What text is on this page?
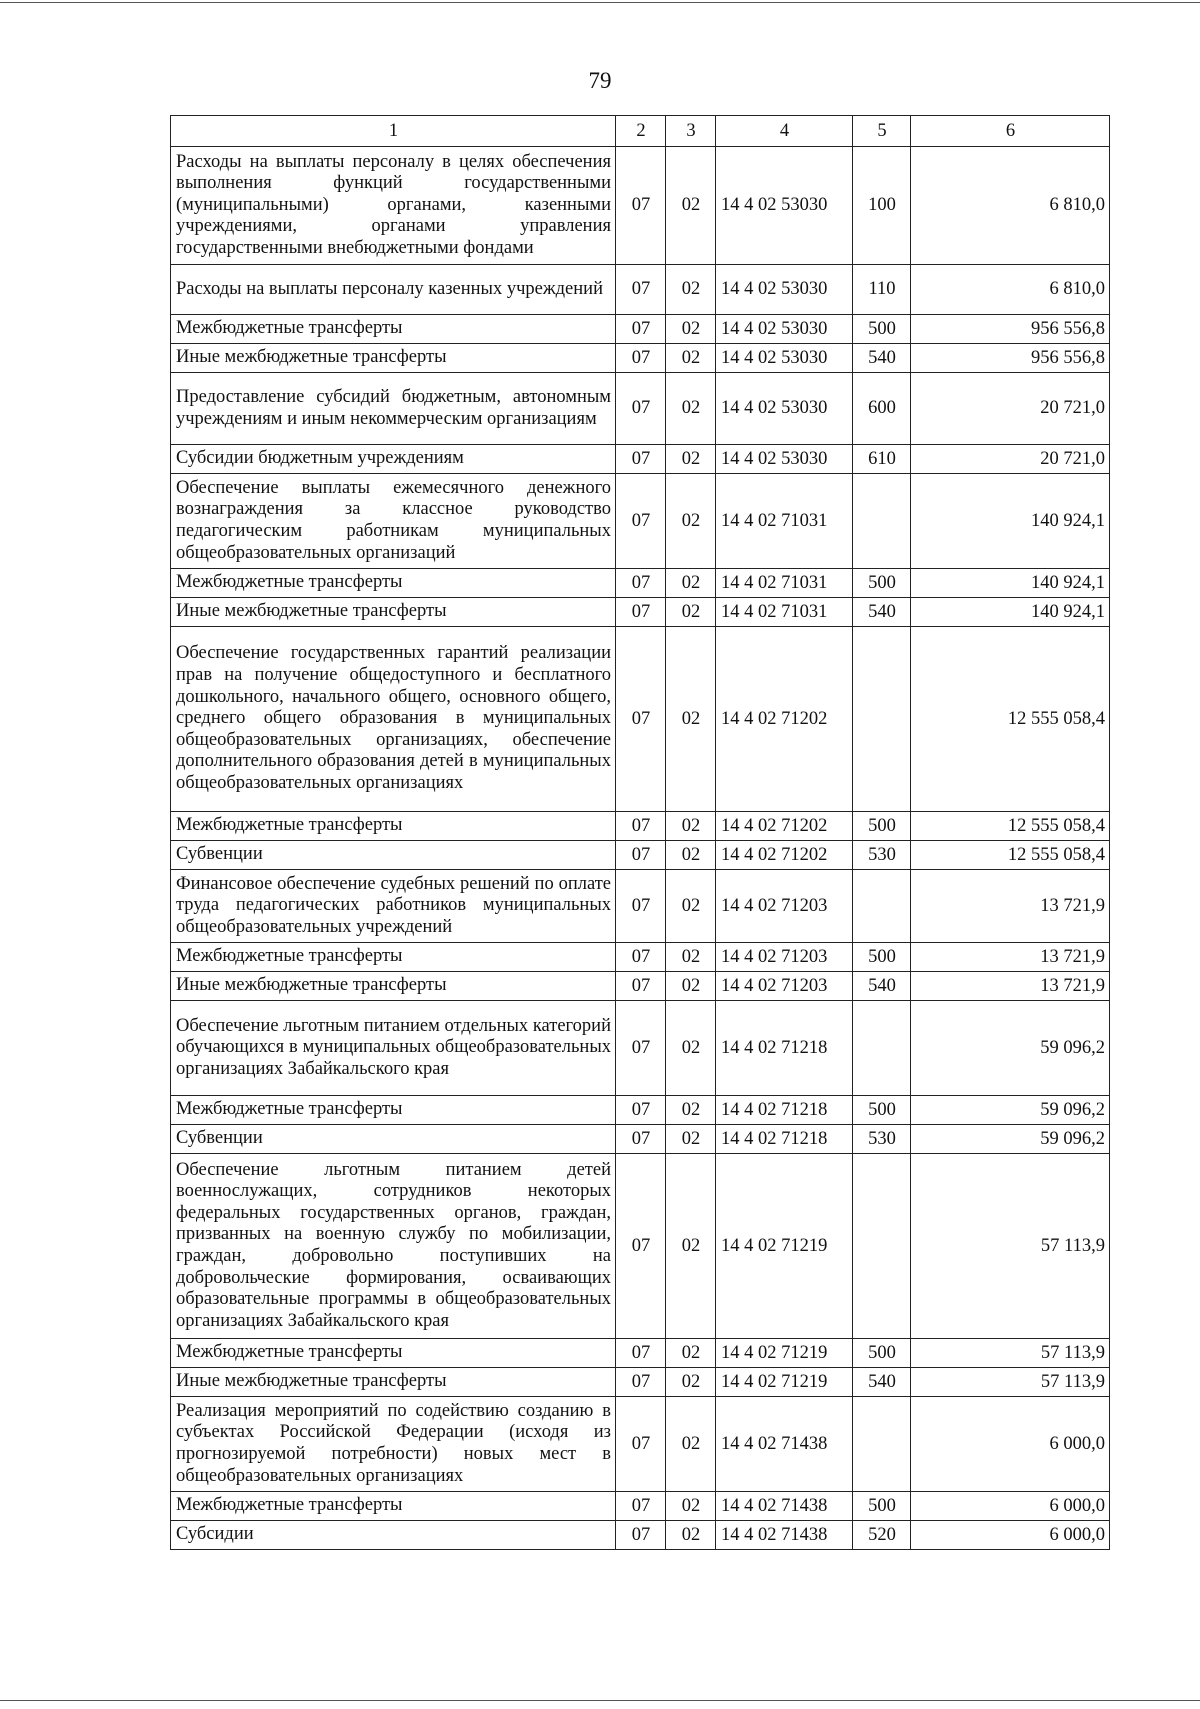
79
1	2	3	4	5	6
Расходы на выплаты персоналу в целях обеспечения выполнения функций государственными (муниципальными) органами, казенными учреждениями, органами управления государственными внебюджетными фондами	07	02	14 4 02 53030	100	6 810,0
Расходы на выплаты персоналу казенных учреждений	07	02	14 4 02 53030	110	6 810,0
Межбюджетные трансферты	07	02	14 4 02 53030	500	956 556,8
Иные межбюджетные трансферты	07	02	14 4 02 53030	540	956 556,8
Предоставление субсидий бюджетным, автономным учреждениям и иным некоммерческим организациям	07	02	14 4 02 53030	600	20 721,0
Субсидии бюджетным учреждениям	07	02	14 4 02 53030	610	20 721,0
Обеспечение выплаты ежемесячного денежного вознаграждения за классное руководство педагогическим работникам муниципальных общеобразовательных организаций	07	02	14 4 02 71031		140 924,1
Межбюджетные трансферты	07	02	14 4 02 71031	500	140 924,1
Иные межбюджетные трансферты	07	02	14 4 02 71031	540	140 924,1
Обеспечение государственных гарантий реализации прав на получение общедоступного и бесплатного дошкольного, начального общего, основного общего, среднего общего образования в муниципальных общеобразовательных организациях, обеспечение дополнительного образования детей в муниципальных общеобразовательных организациях	07	02	14 4 02 71202		12 555 058,4
Межбюджетные трансферты	07	02	14 4 02 71202	500	12 555 058,4
Субвенции	07	02	14 4 02 71202	530	12 555 058,4
Финансовое обеспечение судебных решений по оплате труда педагогических работников муниципальных общеобразовательных учреждений	07	02	14 4 02 71203		13 721,9
Межбюджетные трансферты	07	02	14 4 02 71203	500	13 721,9
Иные межбюджетные трансферты	07	02	14 4 02 71203	540	13 721,9
Обеспечение льготным питанием отдельных категорий обучающихся в муниципальных общеобразовательных организациях Забайкальского края	07	02	14 4 02 71218		59 096,2
Межбюджетные трансферты	07	02	14 4 02 71218	500	59 096,2
Субвенции	07	02	14 4 02 71218	530	59 096,2
Обеспечение льготным питанием детей военнослужащих, сотрудников некоторых федеральных государственных органов, граждан, призванных на военную службу по мобилизации, граждан, добровольно поступивших на добровольческие формирования, осваивающих образовательные программы в общеобразовательных организациях Забайкальского края	07	02	14 4 02 71219		57 113,9
Межбюджетные трансферты	07	02	14 4 02 71219	500	57 113,9
Иные межбюджетные трансферты	07	02	14 4 02 71219	540	57 113,9
Реализация мероприятий по содействию созданию в субъектах Российской Федерации (исходя из прогнозируемой потребности) новых мест в общеобразовательных организациях	07	02	14 4 02 71438		6 000,0
Межбюджетные трансферты	07	02	14 4 02 71438	500	6 000,0
Субсидии	07	02	14 4 02 71438	520	6 000,0
